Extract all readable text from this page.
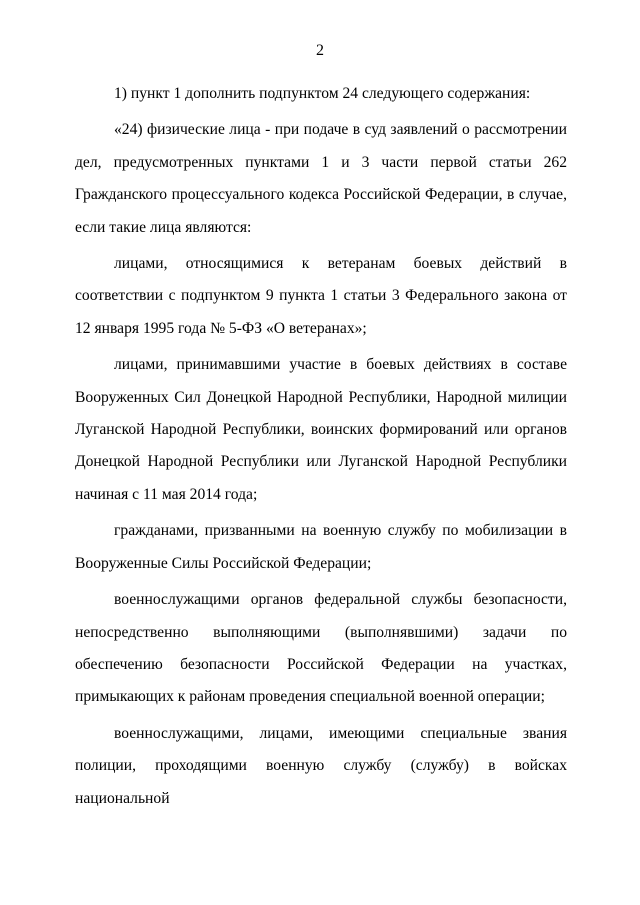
2

1) пункт 1 дополнить подпунктом 24 следующего содержания:

«24) физические лица - при подаче в суд заявлений о рассмотрении дел, предусмотренных пунктами 1 и 3 части первой статьи 262 Гражданского процессуального кодекса Российской Федерации, в случае, если такие лица являются:

лицами, относящимися к ветеранам боевых действий в соответствии с подпунктом 9 пункта 1 статьи 3 Федерального закона от 12 января 1995 года № 5-ФЗ «О ветеранах»;

лицами, принимавшими участие в боевых действиях в составе Вооруженных Сил Донецкой Народной Республики, Народной милиции Луганской Народной Республики, воинских формирований или органов Донецкой Народной Республики или Луганской Народной Республики начиная с 11 мая 2014 года;

гражданами, призванными на военную службу по мобилизации в Вооруженные Силы Российской Федерации;

военнослужащими органов федеральной службы безопасности, непосредственно выполняющими (выполнявшими) задачи по обеспечению безопасности Российской Федерации на участках, примыкающих к районам проведения специальной военной операции;

военнослужащими, лицами, имеющими специальные звания полиции, проходящими военную службу (службу) в войсках национальной
